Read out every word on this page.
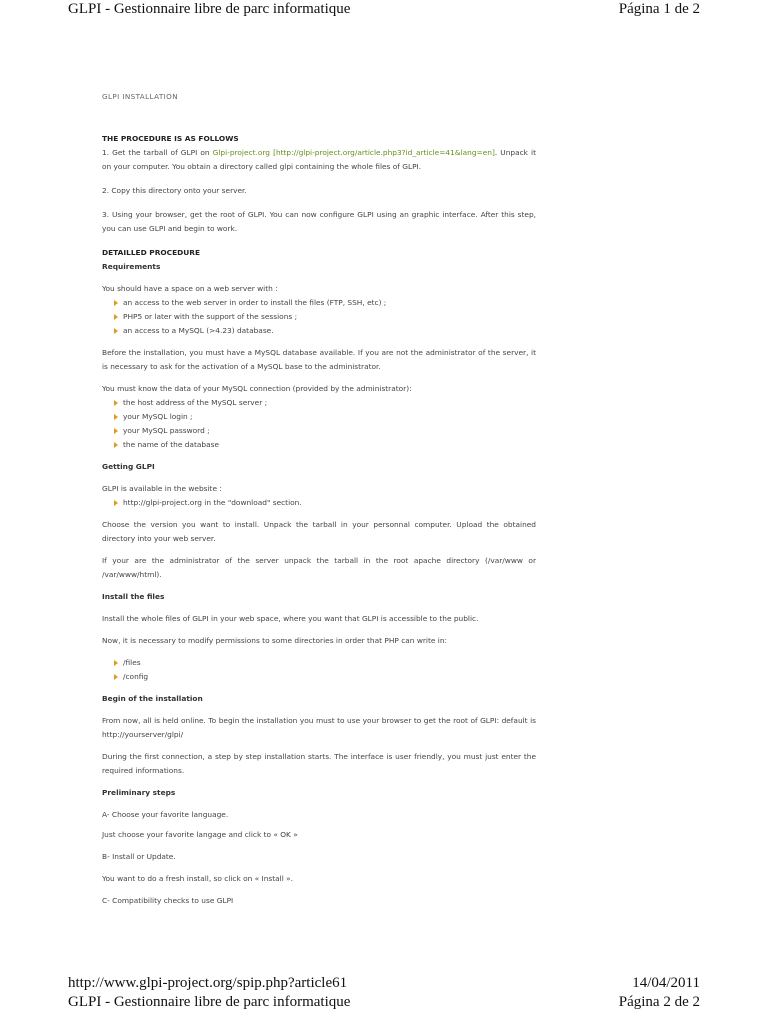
GLPI - Gestionnaire libre de parc informatique	Página 1 de 2
GLPI INSTALLATION
THE PROCEDURE IS AS FOLLOWS

1. Get the tarball of GLPI on Glpi-project.org [http://glpi-project.org/article.php3?id_article=41&lang=en]. Unpack it on your computer. You obtain a directory called glpi containing the whole files of GLPI.

2. Copy this directory onto your server.

3. Using your browser, get the root of GLPI. You can now configure GLPI using an graphic interface. After this step, you can use GLPI and begin to work.

DETAILLED PROCEDURE
Requirements

You should have a space on a web server with :

an access to the web server in order to install the files (FTP, SSH, etc) ;
PHP5 or later with the support of the sessions ;
an access to a MySQL (>4.23) database.

Before the installation, you must have a MySQL database available. If you are not the administrator of the server, it is necessary to ask for the activation of a MySQL base to the administrator.

You must know the data of your MySQL connection (provided by the administrator):

the host address of the MySQL server ;
your MySQL login ;
your MySQL password ;
the name of the database
Getting GLPI

GLPI is available in the website :

http://glpi-project.org in the "download" section.

Choose the version you want to install. Unpack the tarball in your personnal computer. Upload the obtained directory into your web server.

If your are the administrator of the server unpack the tarball in the root apache directory (/var/www or /var/www/html).

Install the files

Install the whole files of GLPI in your web space, where you want that GLPI is accessible to the public.

Now, it is necessary to modify permissions to some directories in order that PHP can write in:

/files
/config
Begin of the installation

From now, all is held online. To begin the installation you must to use your browser to get the root of GLPI: default is http://yourserver/glpi/

During the first connection, a step by step installation starts. The interface is user friendly, you must just enter the required informations.

Preliminary steps

A- Choose your favorite language.

Just choose your favorite langage and click to « OK »

B- Install or Update.

You want to do a fresh install, so click on « Install ».

C- Compatibility checks to use GLPI

http://www.glpi-project.org/spip.php?article61	14/04/2011
GLPI - Gestionnaire libre de parc informatique	Página 2 de 2
